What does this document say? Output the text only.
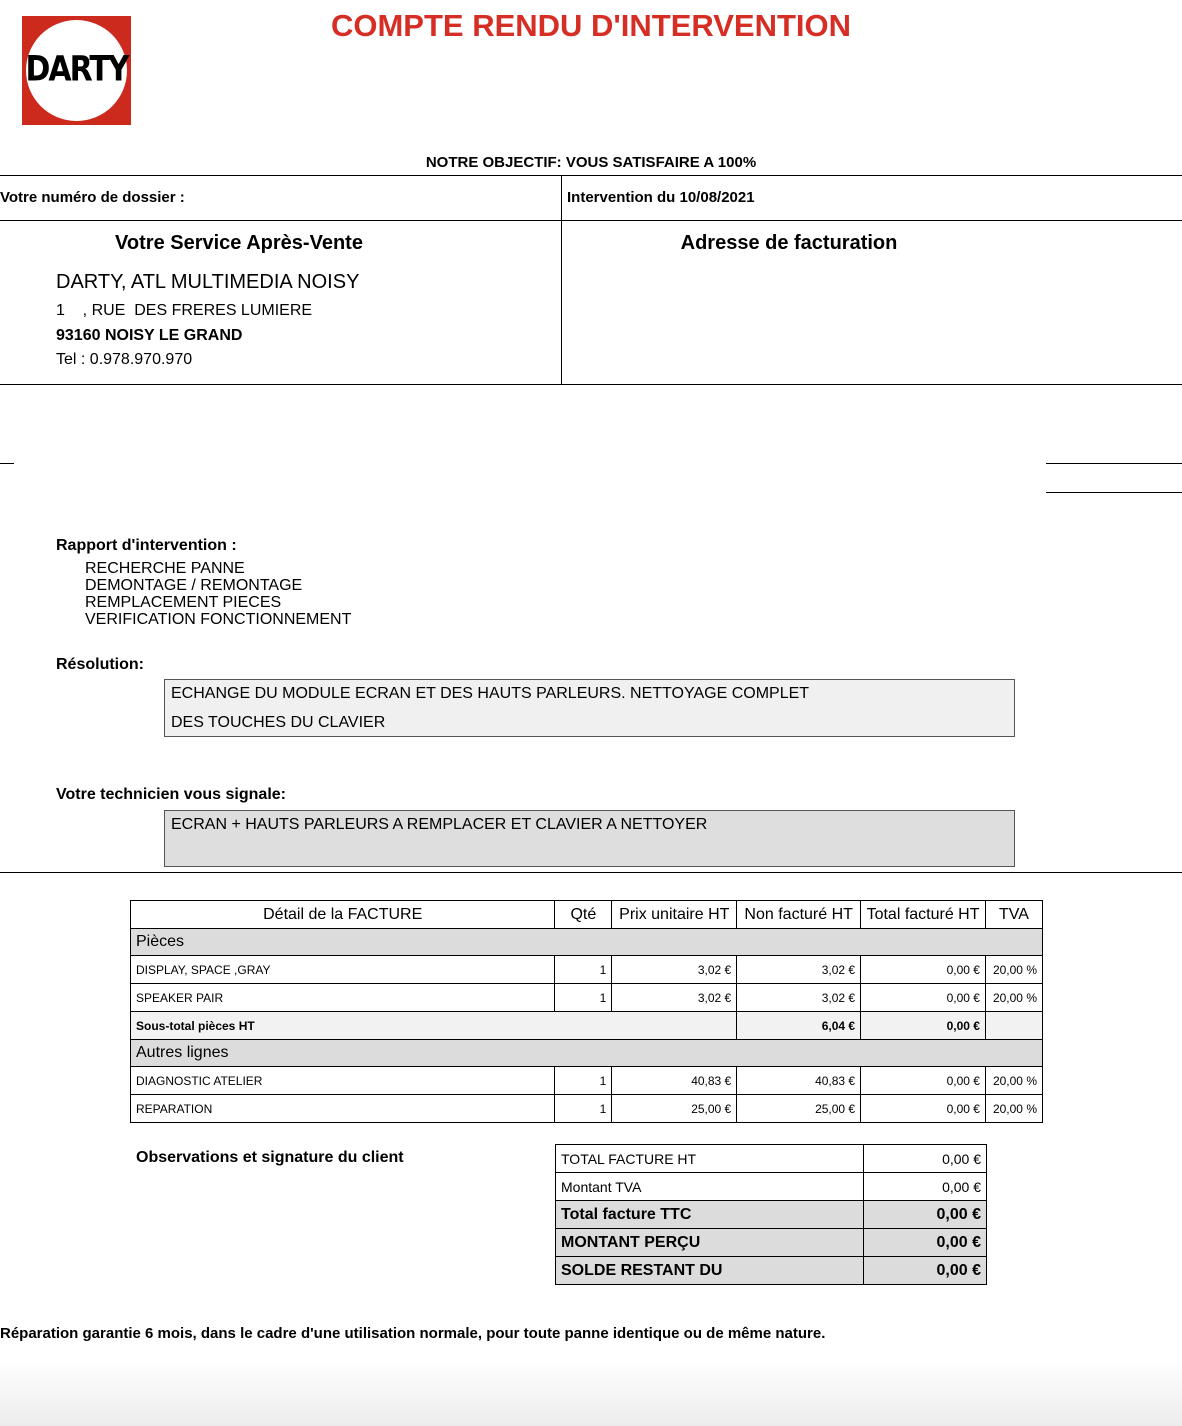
DARTY
COMPTE RENDU D'INTERVENTION
NOTRE OBJECTIF: VOUS SATISFAIRE A 100%
Votre numéro de dossier :	Intervention du 10/08/2021
Votre Service Après-Vente	Adresse de facturation
DARTY, ATL MULTIMEDIA NOISY
1    , RUE  DES FRERES LUMIERE
93160 NOISY LE GRAND
Tel : 0.978.970.970
Rapport d'intervention :
RECHERCHE PANNE
DEMONTAGE / REMONTAGE
REMPLACEMENT PIECES
VERIFICATION FONCTIONNEMENT
Résolution:
ECHANGE DU MODULE ECRAN ET DES HAUTS PARLEURS. NETTOYAGE COMPLET
DES TOUCHES DU CLAVIER
Votre technicien vous signale:
ECRAN + HAUTS PARLEURS A REMPLACER ET CLAVIER A NETTOYER
Détail de la FACTURE	Qté	Prix unitaire HT	Non facturé HT	Total facturé HT	TVA
Pièces					
DISPLAY, SPACE ,GRAY	1	3,02 €	3,02 €	0,00 €	20,00 %
SPEAKER PAIR	1	3,02 €	3,02 €	0,00 €	20,00 %
Sous-total pièces HT			6,04 €	0,00 €	
Autres lignes					
DIAGNOSTIC ATELIER	1	40,83 €	40,83 €	0,00 €	20,00 %
REPARATION	1	25,00 €	25,00 €	0,00 €	20,00 %
Observations et signature du client	TOTAL FACTURE HT	0,00 €
Montant TVA	0,00 €
Total facture TTC	0,00 €
MONTANT PERÇU	0,00 €
SOLDE RESTANT DU	0,00 €
Réparation garantie 6 mois, dans le cadre d'une utilisation normale, pour toute panne identique ou de même nature.
